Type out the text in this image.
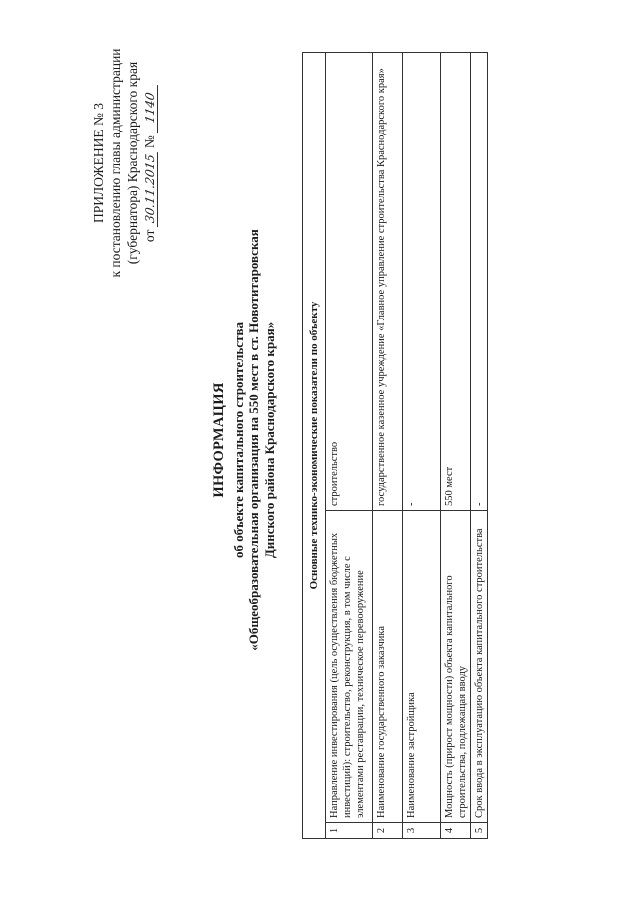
ПРИЛОЖЕНИЕ № 3 к постановлению главы администрации (губернатора) Краснодарского края от 30.11.2015 № 1140
ИНФОРМАЦИЯ об объекте капитального строительства «Общеобразовательная организация на 550 мест в ст. Новотитаровская Динского района Краснодарского края»	Основные технико-экономические показатели по объекту
1
Направление инвестирования (цель осуществления бюджетных инвестиций): строительство, реконструкция, в том числе с элементами реставрации, техническое перевооружение
строительство
2
Наименование государственного заказчика
государственное казенное учреждение «Главное управление строительства Краснодарского края»
3
Наименование застройщика
-
4
Мощность (прирост мощности) объекта капитального строительства, подлежащая вводу
550 мест
5
Срок ввода в эксплуатацию объекта капитального строительства
-
